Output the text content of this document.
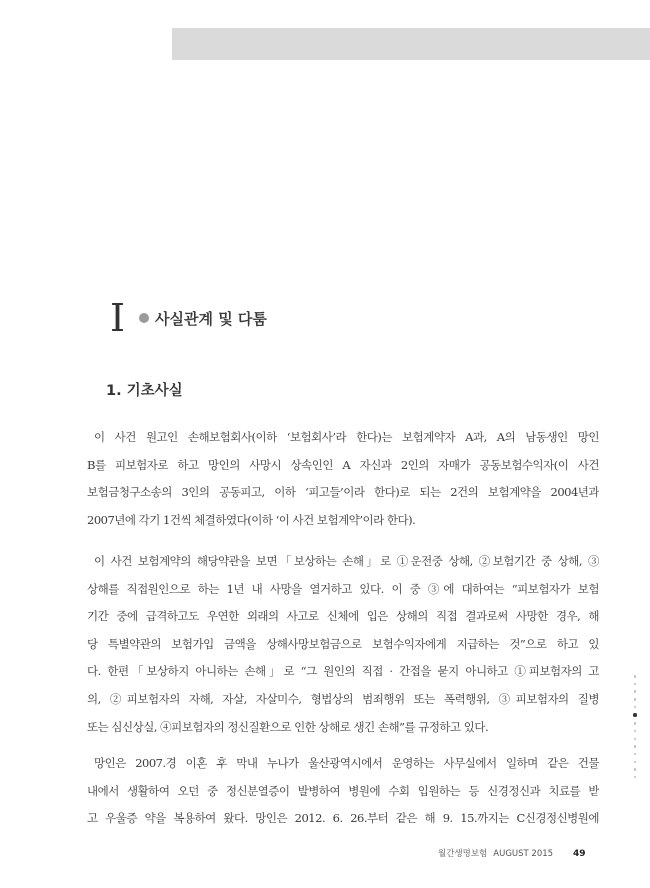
I 사실관계 및 다툼
1. 기초사실
이 사건 원고인 손해보험회사(이하 ‘보험회사’라 한다)는 보험계약자 A과, A의 남동생인 망인
B를 피보험자로 하고 망인의 사망시 상속인인 A 자신과 2인의 자매가 공동보험수익자(이 사건
보험금청구소송의 3인의 공동피고, 이하 ‘피고들’이라 한다)로 되는 2건의 보험계약을 2004년과
2007년에 각기 1건씩 체결하였다(이하 ‘이 사건 보험계약’이라 한다).
이 사건 보험계약의 해당약관을 보면「보상하는 손해」로 ①운전중 상해, ②보험기간 중 상해, ③
상해를 직접원인으로 하는 1년 내 사망을 열거하고 있다. 이 중 ③에 대하여는 “피보험자가 보험
기간 중에 급격하고도 우연한 외래의 사고로 신체에 입은 상해의 직접 결과로써 사망한 경우, 해
당 특별약관의 보험가입 금액을 상해사망보험금으로 보험수익자에게 지급하는 것”으로 하고 있
다. 한편「보상하지 아니하는 손해」로 “그 원인의 직접 · 간접을 묻지 아니하고 ①피보험자의 고
의, ②피보험자의 자해, 자살, 자살미수, 형법상의 범죄행위 또는 폭력행위, ③피보험자의 질병
또는 심신상실, ④피보험자의 정신질환으로 인한 상해로 생긴 손해”를 규정하고 있다.
망인은 2007.경 이혼 후 막내 누나가 울산광역시에서 운영하는 사무실에서 일하며 같은 건물
내에서 생활하여 오던 중 정신분열증이 발병하여 병원에 수회 입원하는 등 신경정신과 치료를 받
고 우울증 약을 복용하여 왔다. 망인은 2012. 6. 26.부터 같은 해 9. 15.까지는 C신경정신병원에
월간생명보험 AUGUST 2015 49
